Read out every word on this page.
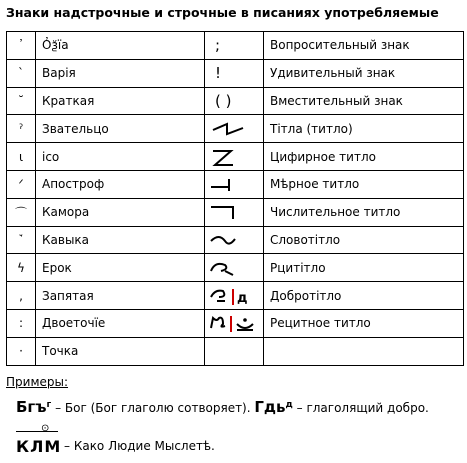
Знаки надстрочные и строчные в писаниях употребляемые
᾿	О҆ѯїа	;	Вопросительный знак
ˋ	Вapiя	!	Удивительный знак
˘	Краткая	( )	Вместительный знак
ˀ	Звательцо		Тітла (титло)
ꙇ	ico		Цифирное титло
ᐟ	Апостроф		Мѣрное титло
⌒	Камора		Числительное титло
ꙿ	Кавыка		Словотітло
ϟ	Ерок		Рцитітло
,	Запятая	д	Добротітло
:	Двоеточїе		Рецитное титло
·	Точка		
Примеры:
Бгъ$^г$ – Бог (Бог глаголю сотворяет). Гдь$^д$ – глаголящий добро.
⊙
КЛМ – Како Людие Мыслетѣ.
